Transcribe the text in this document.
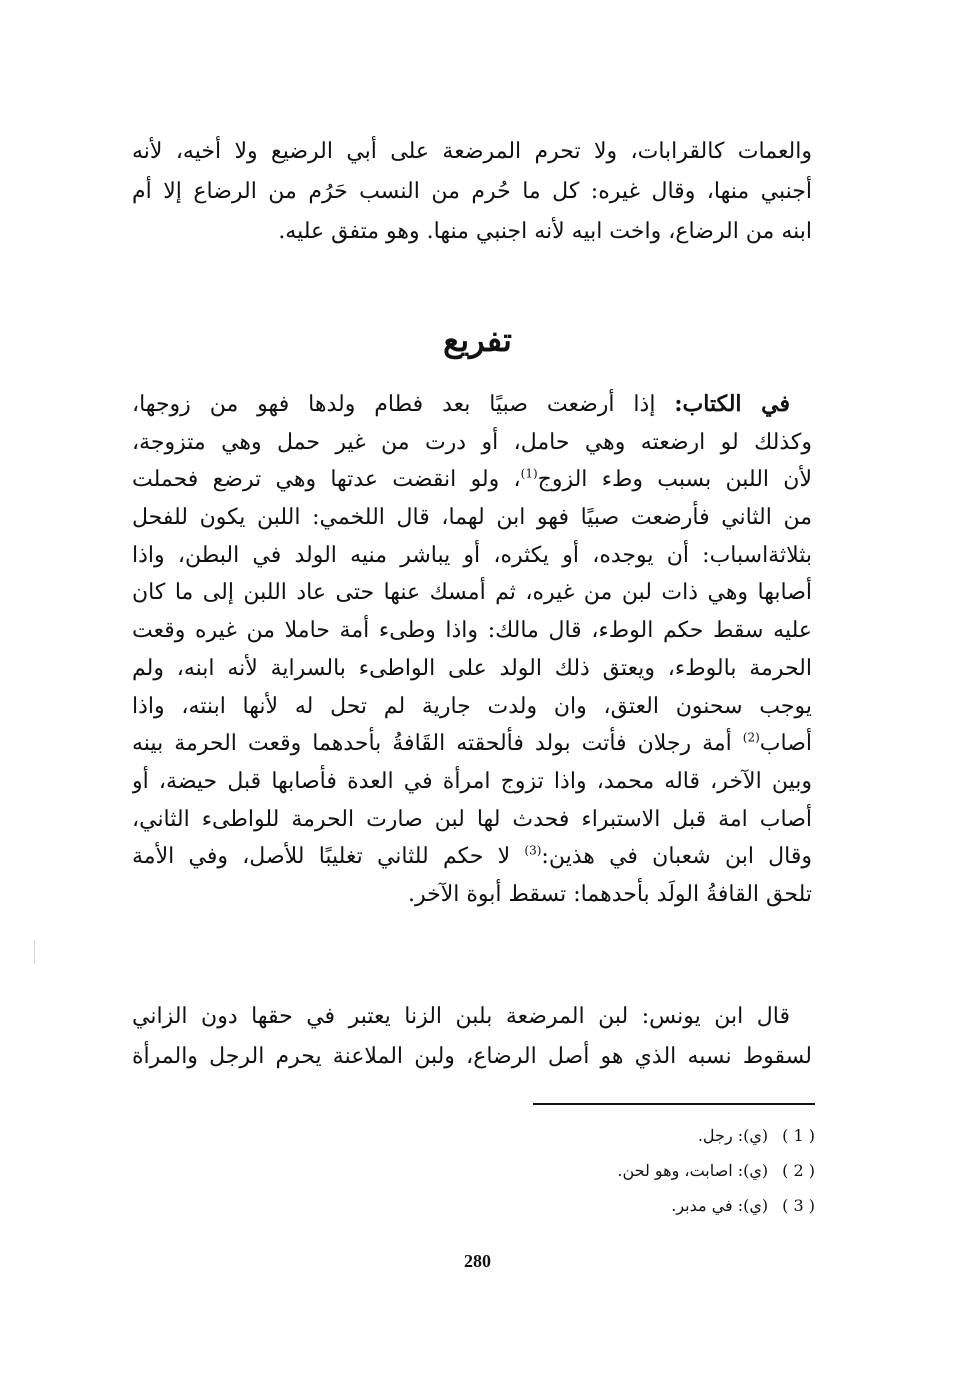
والعمات كالقرابات، ولا تحرم المرضعة على أبي الرضيع ولا أخيه، لأنه
أجنبي منها، وقال غيره: كل ما حُرم من النسب حَرُم من الرضاع إلا أم
ابنه من الرضاع، واخت ابيه لأنه اجنبي منها. وهو متفق عليه.
تفريع
في الكتاب: إذا أرضعت صبيًا بعد فطام ولدها فهو من زوجها،
وكذلك لو ارضعته وهي حامل، أو درت من غير حمل وهي متزوجة،
لأن اللبن بسبب وطء الزوج$^{(1)}$، ولو انقضت عدتها وهي ترضع فحملت
من الثاني فأرضعت صبيًا فهو ابن لهما، قال اللخمي: اللبن يكون للفحل
بثلاثةاسباب: أن يوجده، أو يكثره، أو يباشر منيه الولد في البطن، واذا
أصابها وهي ذات لبن من غيره، ثم أمسك عنها حتى عاد اللبن إلى ما كان
عليه سقط حكم الوطء، قال مالك: واذا وطىء أمة حاملا من غيره وقعت
الحرمة بالوطء، ويعتق ذلك الولد على الواطىء بالسراية لأنه ابنه، ولم
يوجب سحنون العتق، وان ولدت جارية لم تحل له لأنها ابنته، واذا
أصاب$^{(2)}$ أمة رجلان فأتت بولد فألحقته القَافةُ بأحدهما وقعت الحرمة بينه
وبين الآخر، قاله محمد، واذا تزوج امرأة في العدة فأصابها قبل حيضة، أو
أصاب امة قبل الاستبراء فحدث لها لبن صارت الحرمة للواطىء الثاني،
وقال ابن شعبان في هذين:$^{(3)}$ لا حكم للثاني تغليبًا للأصل، وفي الأمة
تلحق القافةُ الولَد بأحدهما: تسقط أبوة الآخر.
قال ابن يونس: لبن المرضعة بلبن الزنا يعتبر في حقها دون الزاني
لسقوط نسبه الذي هو أصل الرضاع، ولبن الملاعنة يحرم الرجل والمرأة
( 1 )(ي): رجل.
( 2 )(ي): اصابت، وهو لحن.
( 3 )(ي): في مدبر.
280
